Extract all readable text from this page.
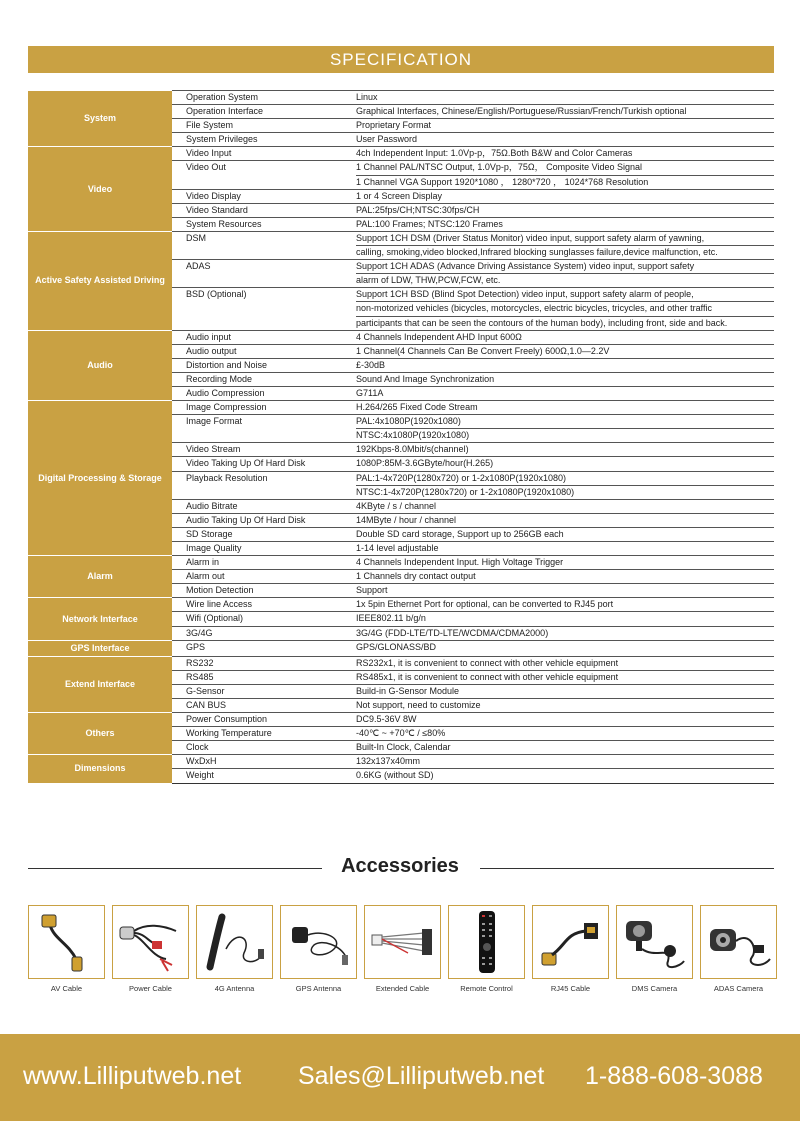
SPECIFICATION
System	Operation System	Linux

	Operation Interface	Graphical Interfaces, Chinese/English/Portuguese/Russian/French/Turkish optional

	File System	Proprietary Format

	System Privileges	User Password

Video	Video Input	4ch Independent Input: 1.0Vp-p，75Ω.Both B&W and Color Cameras

	Video Out	1 Channel PAL/NTSC Output, 1.0Vp-p，75Ω， Composite Video Signal
1 Channel VGA Support 1920*1080 ， 1280*720 ， 1024*768 Resolution

	Video Display	1 or 4 Screen Display

	Video Standard	PAL:25fps/CH;NTSC:30fps/CH

	System Resources	PAL:100 Frames; NTSC:120 Frames

Active Safety Assisted Driving	DSM	Support 1CH DSM (Driver Status Monitor) video input, support safety alarm of yawning,
calling, smoking,video blocked,Infrared blocking sunglasses failure,device malfunction, etc.

	ADAS	Support 1CH ADAS (Advance Driving Assistance System) video input, support safety
alarm of LDW, THW,PCW,FCW, etc.

	BSD (Optional)	Support 1CH BSD (Blind Spot Detection) video input, support safety alarm of people,
non-motorized vehicles (bicycles, motorcycles, electric bicycles, tricycles, and other traffic
participants that can be seen the contours of the human body), including front, side and back.

Audio	Audio input	4 Channels Independent AHD Input 600Ω

	Audio output	1 Channel(4 Channels Can Be Convert Freely) 600Ω,1.0—2.2V

	Distortion and Noise	£-30dB

	Recording Mode	Sound And Image Synchronization

	Audio Compression	G711A

Digital Processing & Storage	Image Compression	H.264/265 Fixed Code Stream

	Image Format	PAL:4x1080P(1920x1080)
NTSC:4x1080P(1920x1080)

	Video Stream	192Kbps-8.0Mbit/s(channel)

	Video Taking Up Of Hard Disk	1080P:85M-3.6GByte/hour(H.265)

	Playback Resolution	PAL:1-4x720P(1280x720) or 1-2x1080P(1920x1080)
NTSC:1-4x720P(1280x720) or 1-2x1080P(1920x1080)

	Audio Bitrate	4KByte / s / channel

	Audio Taking Up Of Hard Disk	14MByte / hour / channel

	SD Storage	Double SD card storage, Support up to 256GB each

	Image Quality	1-14 level adjustable

Alarm	Alarm in	4 Channels Independent Input. High Voltage Trigger

	Alarm out	1 Channels dry contact output

	Motion Detection	Support

Network Interface	Wire line Access	1x 5pin Ethernet Port for optional, can be converted to RJ45 port

	Wifi (Optional)	IEEE802.11 b/g/n

	3G/4G	3G/4G (FDD-LTE/TD-LTE/WCDMA/CDMA2000)

GPS Interface	GPS	GPS/GLONASS/BD

Extend Interface	RS232	RS232x1, it is convenient to connect with other vehicle equipment

	RS485	RS485x1, it is convenient to connect with other vehicle equipment

	G-Sensor	Build-in G-Sensor Module

	CAN BUS	Not support, need to customize

Others	Power Consumption	DC9.5-36V 8W

	Working Temperature	-40℃ ~ +70℃ / ≤80%

	Clock	Built-In Clock, Calendar

Dimensions	WxDxH	132x137x40mm

	Weight	0.6KG (without SD)
Accessories
AV Cable	Power Cable	4G Antenna	GPS Antenna	Extended Cable	Remote Control	RJ45 Cable	DMS Camera	ADAS Camera
www.Lilliputweb.net Sales@Lilliputweb.net 1-888-608-3088
